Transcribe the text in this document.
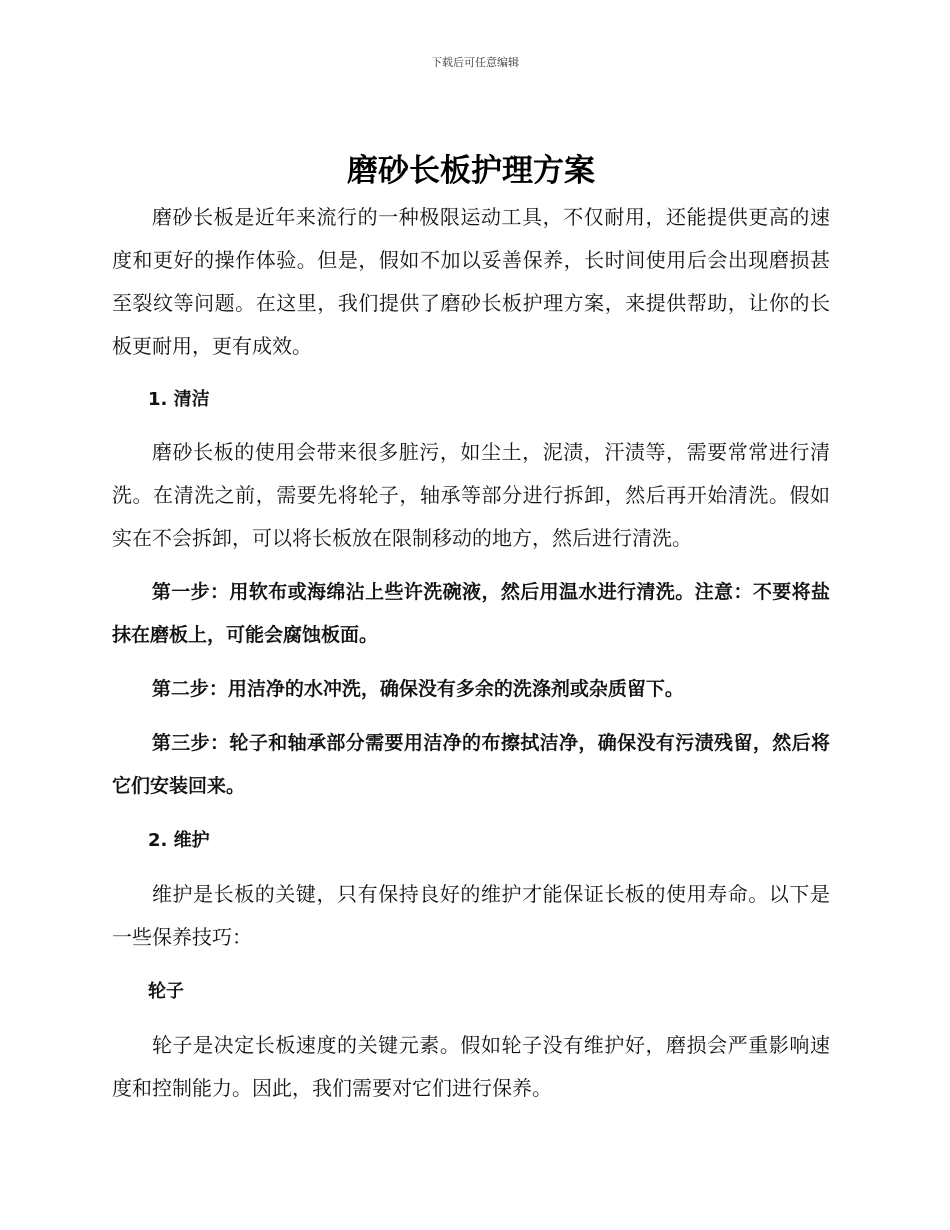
下载后可任意编辑
磨砂长板护理方案

磨砂长板是近年来流行的一种极限运动工具，不仅耐用，还能提供更高的速度和更好的操作体验。但是，假如不加以妥善保养，长时间使用后会出现磨损甚至裂纹等问题。在这里，我们提供了磨砂长板护理方案，来提供帮助，让你的长板更耐用，更有成效。

1. 清洁

磨砂长板的使用会带来很多脏污，如尘土，泥渍，汗渍等，需要常常进行清洗。在清洗之前，需要先将轮子，轴承等部分进行拆卸，然后再开始清洗。假如实在不会拆卸，可以将长板放在限制移动的地方，然后进行清洗。

第一步：用软布或海绵沾上些许洗碗液，然后用温水进行清洗。注意：不要将盐抹在磨板上，可能会腐蚀板面。

第二步：用洁净的水冲洗，确保没有多余的洗涤剂或杂质留下。

第三步：轮子和轴承部分需要用洁净的布擦拭洁净，确保没有污渍残留，然后将它们安装回来。

2. 维护

维护是长板的关键，只有保持良好的维护才能保证长板的使用寿命。以下是一些保养技巧：

轮子

轮子是决定长板速度的关键元素。假如轮子没有维护好，磨损会严重影响速度和控制能力。因此，我们需要对它们进行保养。
